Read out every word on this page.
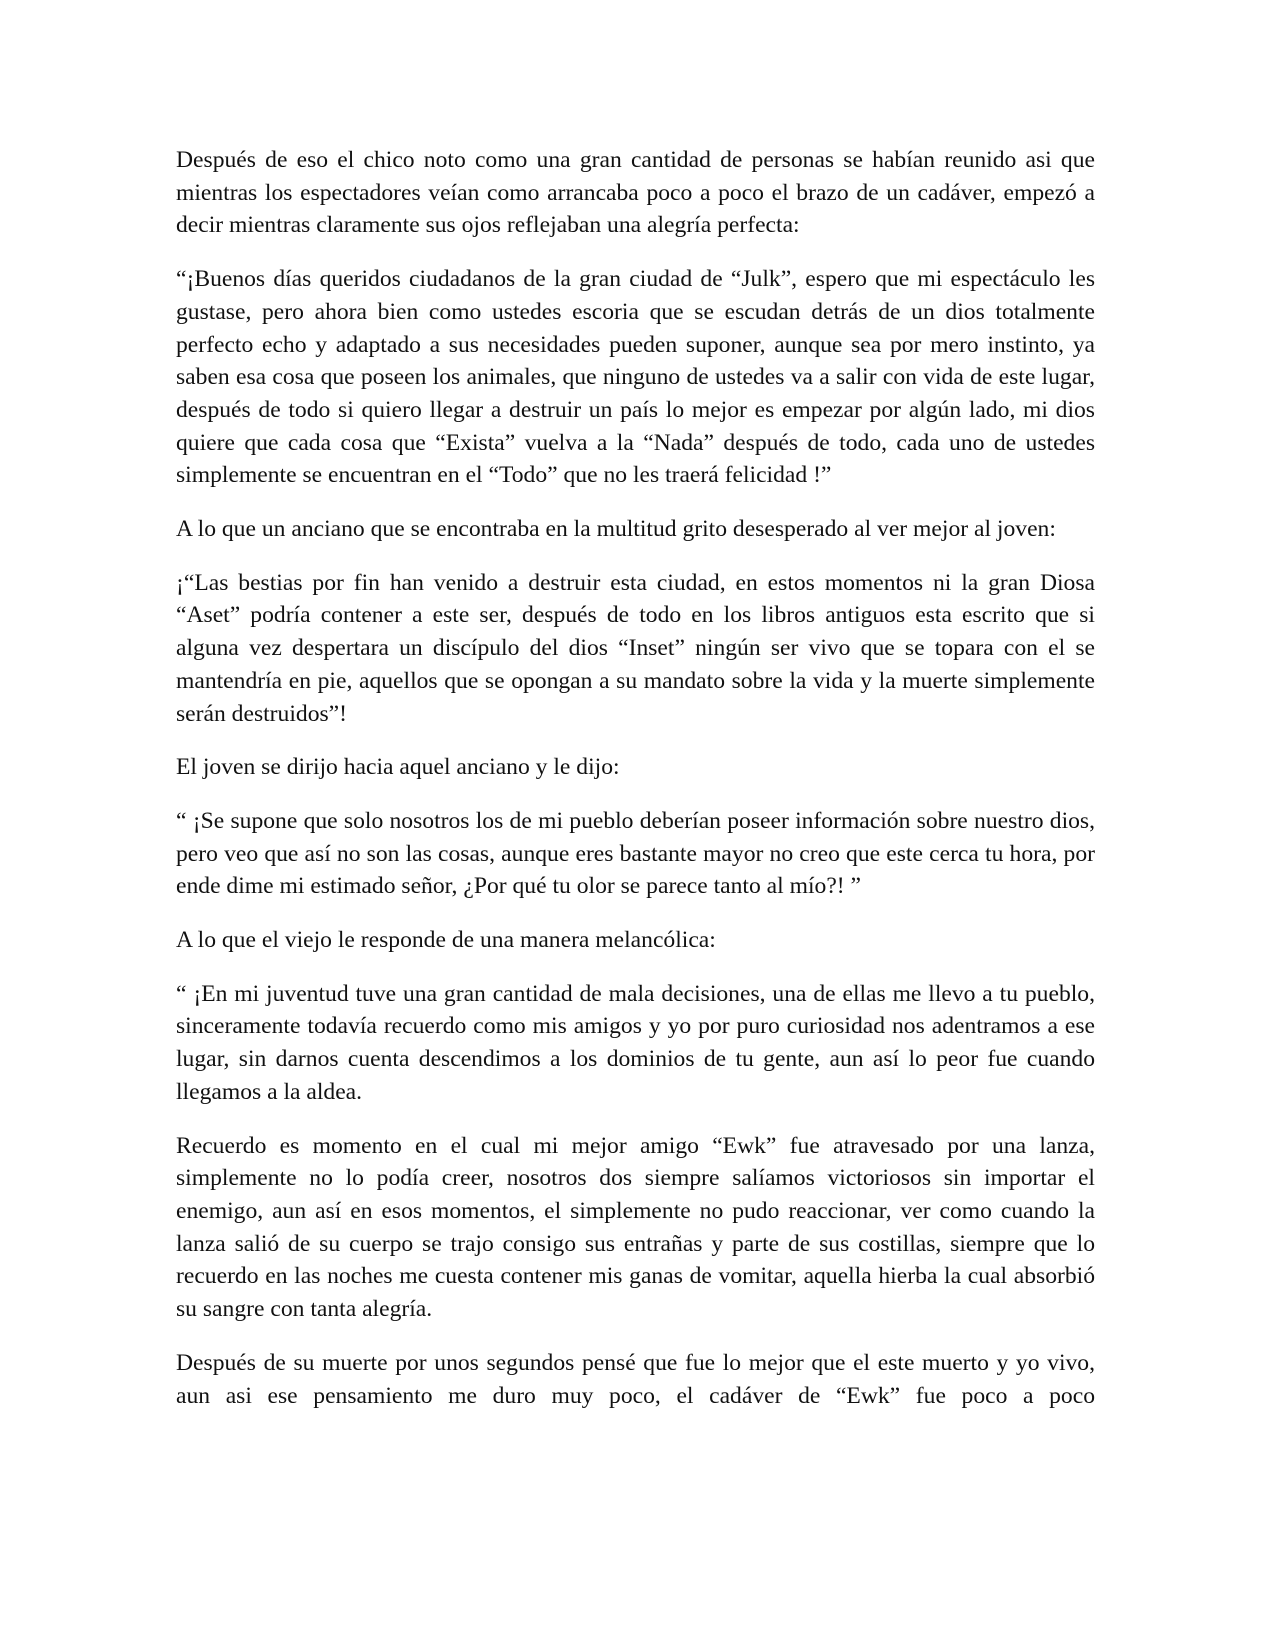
Después de eso el chico noto como una gran cantidad de personas se habían reunido asi que mientras los espectadores veían como arrancaba poco a poco el brazo de un cadáver, empezó a decir mientras claramente sus ojos reflejaban una alegría perfecta:

“¡Buenos días queridos ciudadanos de la gran ciudad de “Julk”, espero que mi espectáculo les gustase, pero ahora bien como ustedes escoria que se escudan detrás de un dios totalmente perfecto echo y adaptado a sus necesidades pueden suponer, aunque sea por mero instinto, ya saben esa cosa que poseen los animales, que ninguno de ustedes va a salir con vida de este lugar, después de todo si quiero llegar a destruir un país lo mejor es empezar por algún lado, mi dios quiere que cada cosa que “Exista” vuelva a la “Nada” después de todo, cada uno de ustedes simplemente se encuentran en el “Todo” que no les traerá felicidad !”

A lo que un anciano que se encontraba en la multitud grito desesperado al ver mejor al joven:

¡“Las bestias por fin han venido a destruir esta ciudad, en estos momentos ni la gran Diosa “Aset” podría contener a este ser, después de todo en los libros antiguos esta escrito que si alguna vez despertara un discípulo del dios “Inset” ningún ser vivo que se topara con el se mantendría en pie, aquellos que se opongan a su mandato sobre la vida y la muerte simplemente serán destruidos”!

El joven se dirijo hacia aquel anciano y le dijo:

“ ¡Se supone que solo nosotros los de mi pueblo deberían poseer información sobre nuestro dios, pero veo que así no son las cosas, aunque eres bastante mayor no creo que este cerca tu hora, por ende dime mi estimado señor, ¿Por qué tu olor se parece tanto al mío?! ”

A lo que el viejo le responde de una manera melancólica:

“ ¡En mi juventud tuve una gran cantidad de mala decisiones, una de ellas me llevo a tu pueblo, sinceramente todavía recuerdo como mis amigos y yo por puro curiosidad nos adentramos a ese lugar, sin darnos cuenta descendimos a los dominios de tu gente, aun así lo peor fue cuando llegamos a la aldea.

Recuerdo es momento en el cual mi mejor amigo “Ewk” fue atravesado por una lanza, simplemente no lo podía creer, nosotros dos siempre salíamos victoriosos sin importar el enemigo, aun así en esos momentos, el simplemente no pudo reaccionar, ver como cuando la lanza salió de su cuerpo se trajo consigo sus entrañas y parte de sus costillas, siempre que lo recuerdo en las noches me cuesta contener mis ganas de vomitar, aquella hierba la cual absorbió su sangre con tanta alegría.

Después de su muerte por unos segundos pensé que fue lo mejor que el este muerto y yo vivo, aun asi ese pensamiento me duro muy poco, el cadáver de “Ewk” fue poco a poco
